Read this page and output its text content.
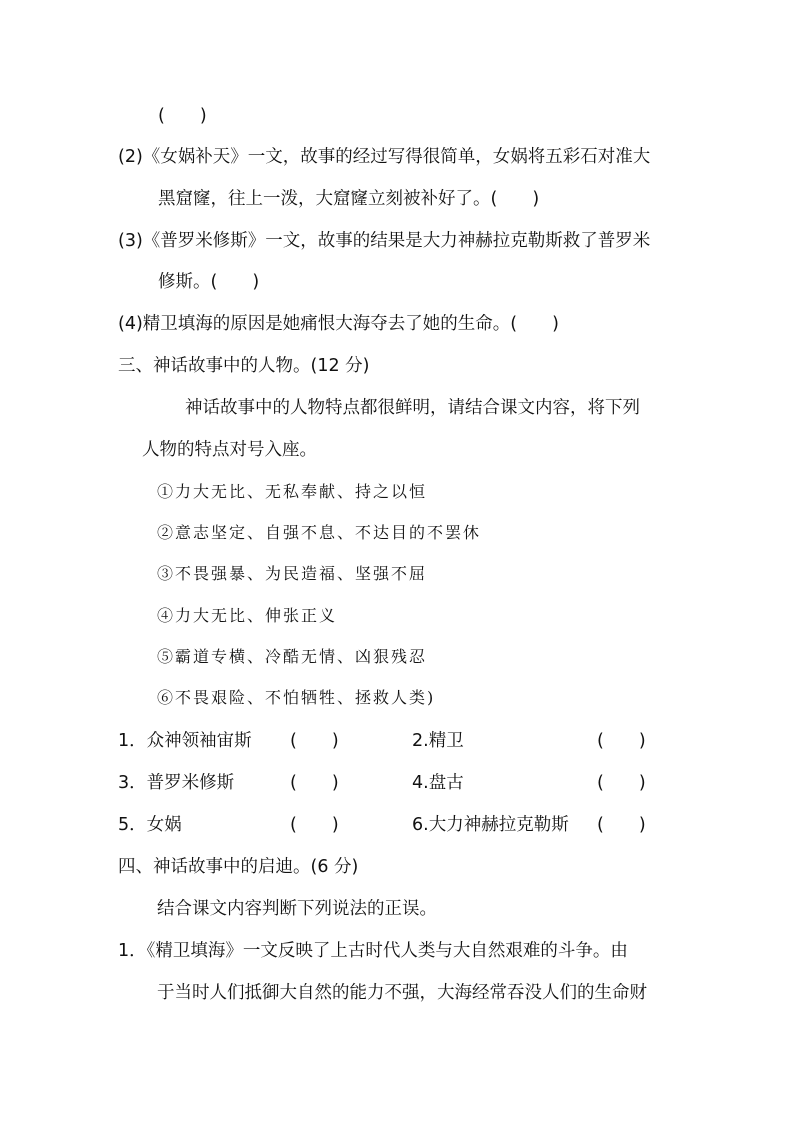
(　　)
(2)《女娲补天》一文，故事的经过写得很简单，女娲将五彩石对准大
黑窟窿，往上一泼，大窟窿立刻被补好了。(　　)
(3)《普罗米修斯》一文，故事的结果是大力神赫拉克勒斯救了普罗米
修斯。(　　)
(4)精卫填海的原因是她痛恨大海夺去了她的生命。(　　)
三、神话故事中的人物。(12 分)
神话故事中的人物特点都很鲜明，请结合课文内容，将下列
人物的特点对号入座。
①力大无比、无私奉献、持之以恒
②意志坚定、自强不息、不达目的不罢休
③不畏强暴、为民造福、坚强不屈
④力大无比、伸张正义
⑤霸道专横、冷酷无情、凶狠残忍
⑥不畏艰险、不怕牺牲、拯救人类)
1．众神领袖宙斯 (　　)	2.精卫	(　　)
3．普罗米修斯	(　　)	4.盘古	(　　)
5．女娲	(　　)	6.大力神赫拉克勒斯 (　　)
四、神话故事中的启迪。(6 分)
结合课文内容判断下列说法的正误。
1．《精卫填海》一文反映了上古时代人类与大自然艰难的斗争。由
于当时人们抵御大自然的能力不强，大海经常吞没人们的生命财
